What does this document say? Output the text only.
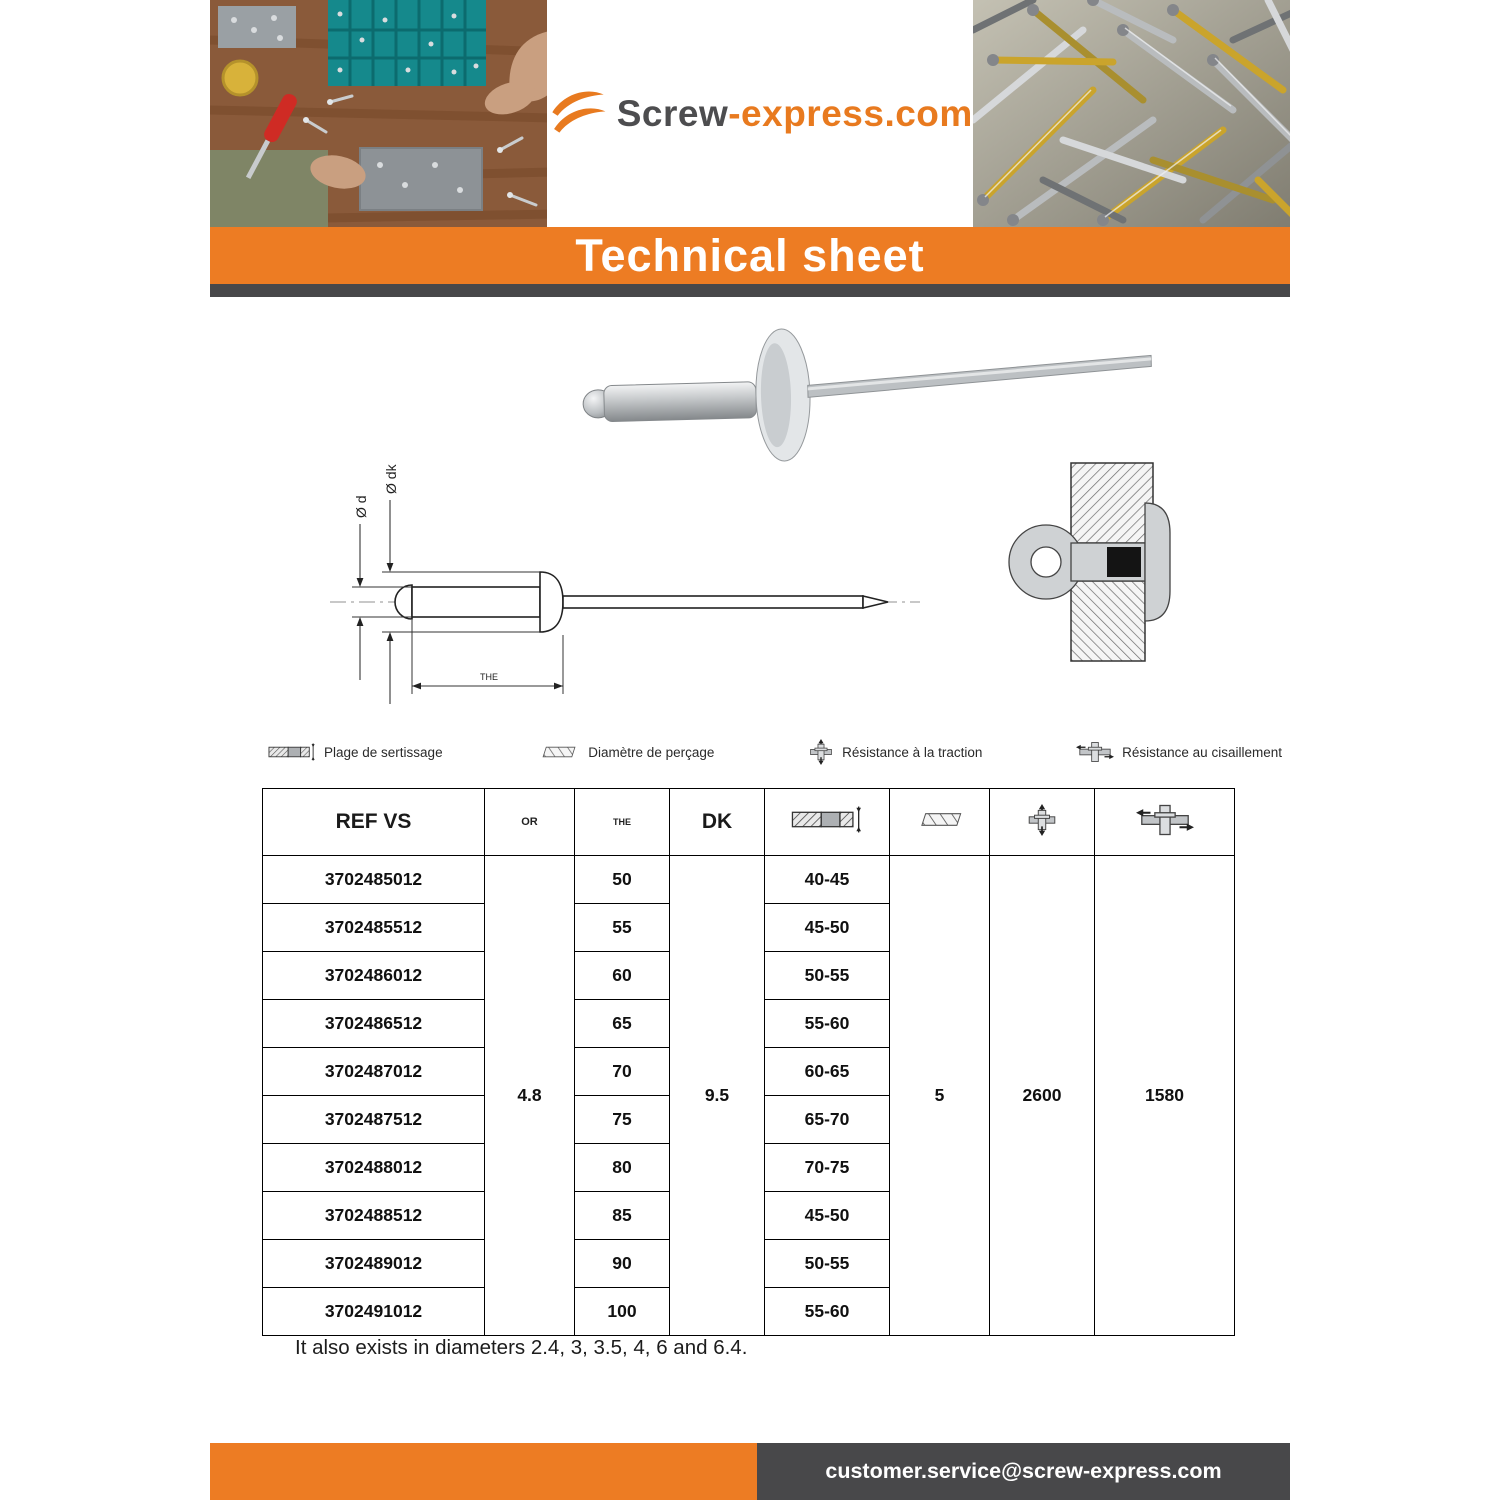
Screw-express.com
Technical sheet
Ø d
Ø dk
THE
Plage de sertissage	Diamètre de perçage	Résistance à la traction	Résistance au cisaillement
REF VS	OR	THE	DK				
3702485012	4.8	50	9.5	40-45	5	2600	1580
3702485512		55		45-50			
3702486012		60		50-55			
3702486512		65		55-60			
3702487012		70		60-65			
3702487512		75		65-70			
3702488012		80		70-75			
3702488512		85		45-50			
3702489012		90		50-55			
3702491012		100		55-60			
It also exists in diameters 2.4, 3, 3.5, 4, 6 and 6.4.
customer.service@screw-express.com
